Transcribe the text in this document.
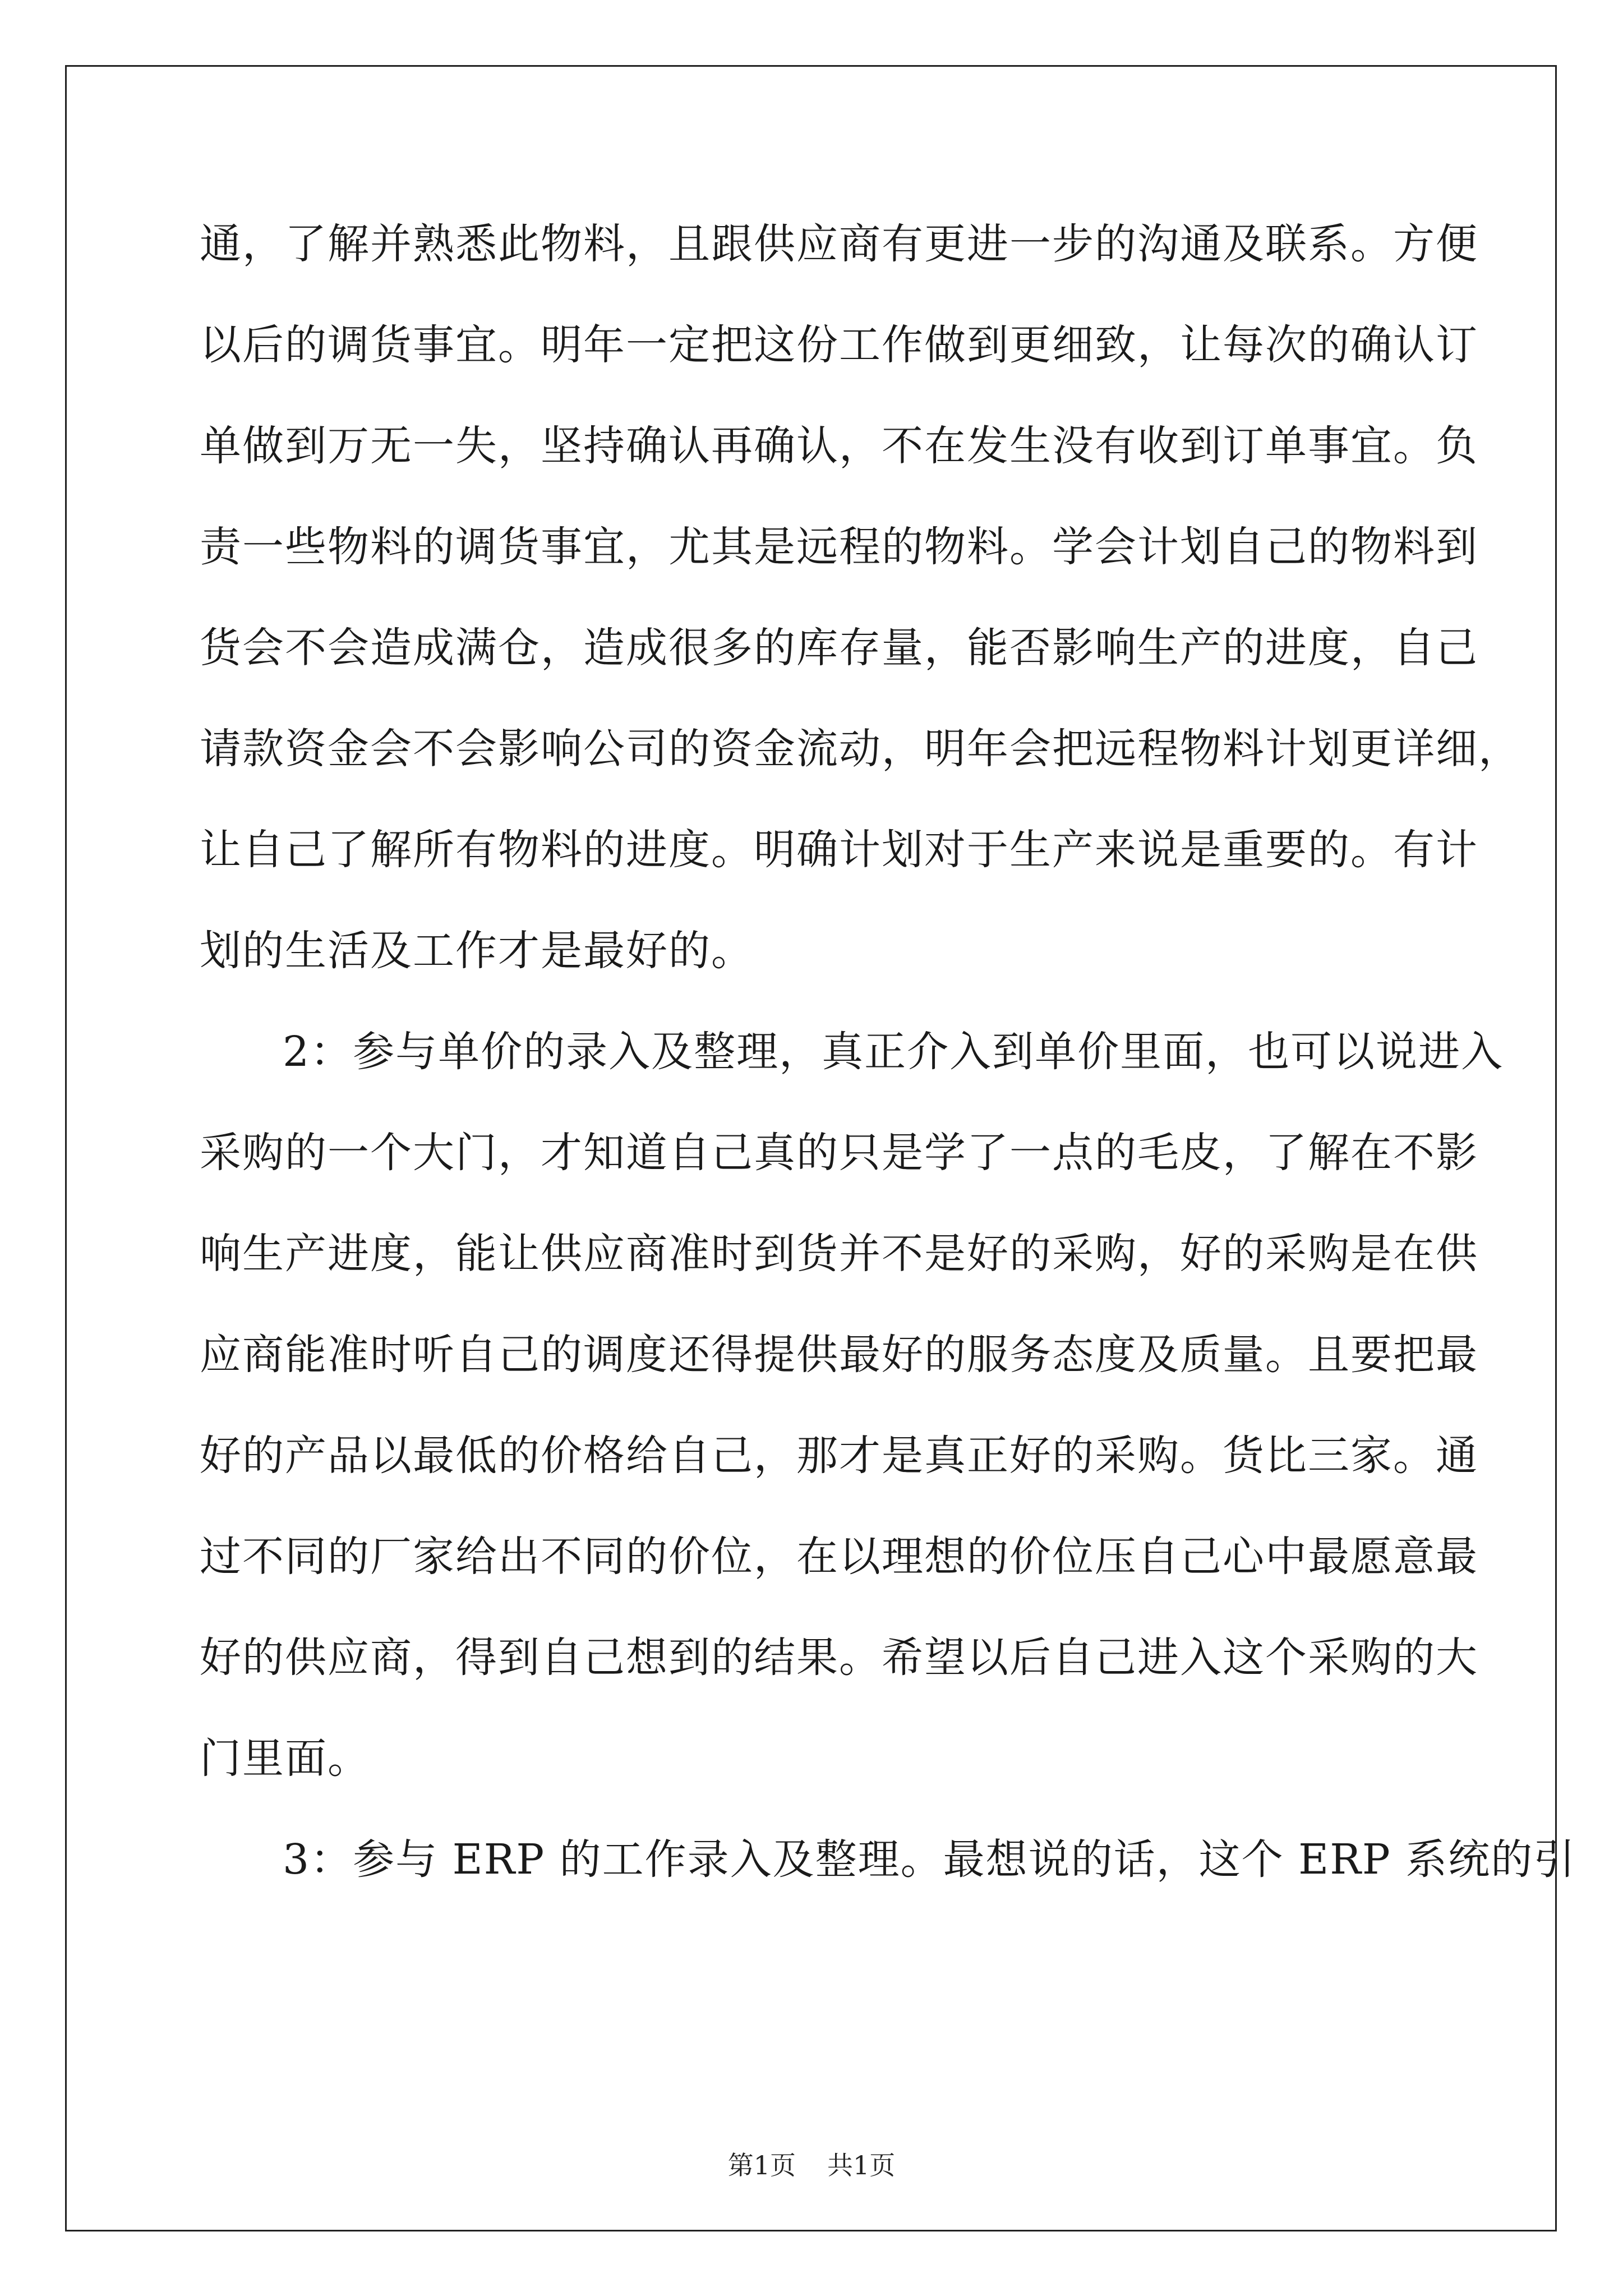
通，了解并熟悉此物料，且跟供应商有更进一步的沟通及联系。方便
以后的调货事宜。明年一定把这份工作做到更细致，让每次的确认订
单做到万无一失，坚持确认再确认，不在发生没有收到订单事宜。负
责一些物料的调货事宜，尤其是远程的物料。学会计划自己的物料到
货会不会造成满仓，造成很多的库存量，能否影响生产的进度，自己
请款资金会不会影响公司的资金流动，明年会把远程物料计划更详细，
让自己了解所有物料的进度。明确计划对于生产来说是重要的。有计
划的生活及工作才是最好的。
2：参与单价的录入及整理，真正介入到单价里面，也可以说进入
采购的一个大门，才知道自己真的只是学了一点的毛皮，了解在不影
响生产进度，能让供应商准时到货并不是好的采购，好的采购是在供
应商能准时听自己的调度还得提供最好的服务态度及质量。且要把最
好的产品以最低的价格给自己，那才是真正好的采购。货比三家。通
过不同的厂家给出不同的价位，在以理想的价位压自己心中最愿意最
好的供应商，得到自己想到的结果。希望以后自己进入这个采购的大
门里面。
3：参与 ERP 的工作录入及整理。最想说的话，这个 ERP 系统的引
第1页 共1页
